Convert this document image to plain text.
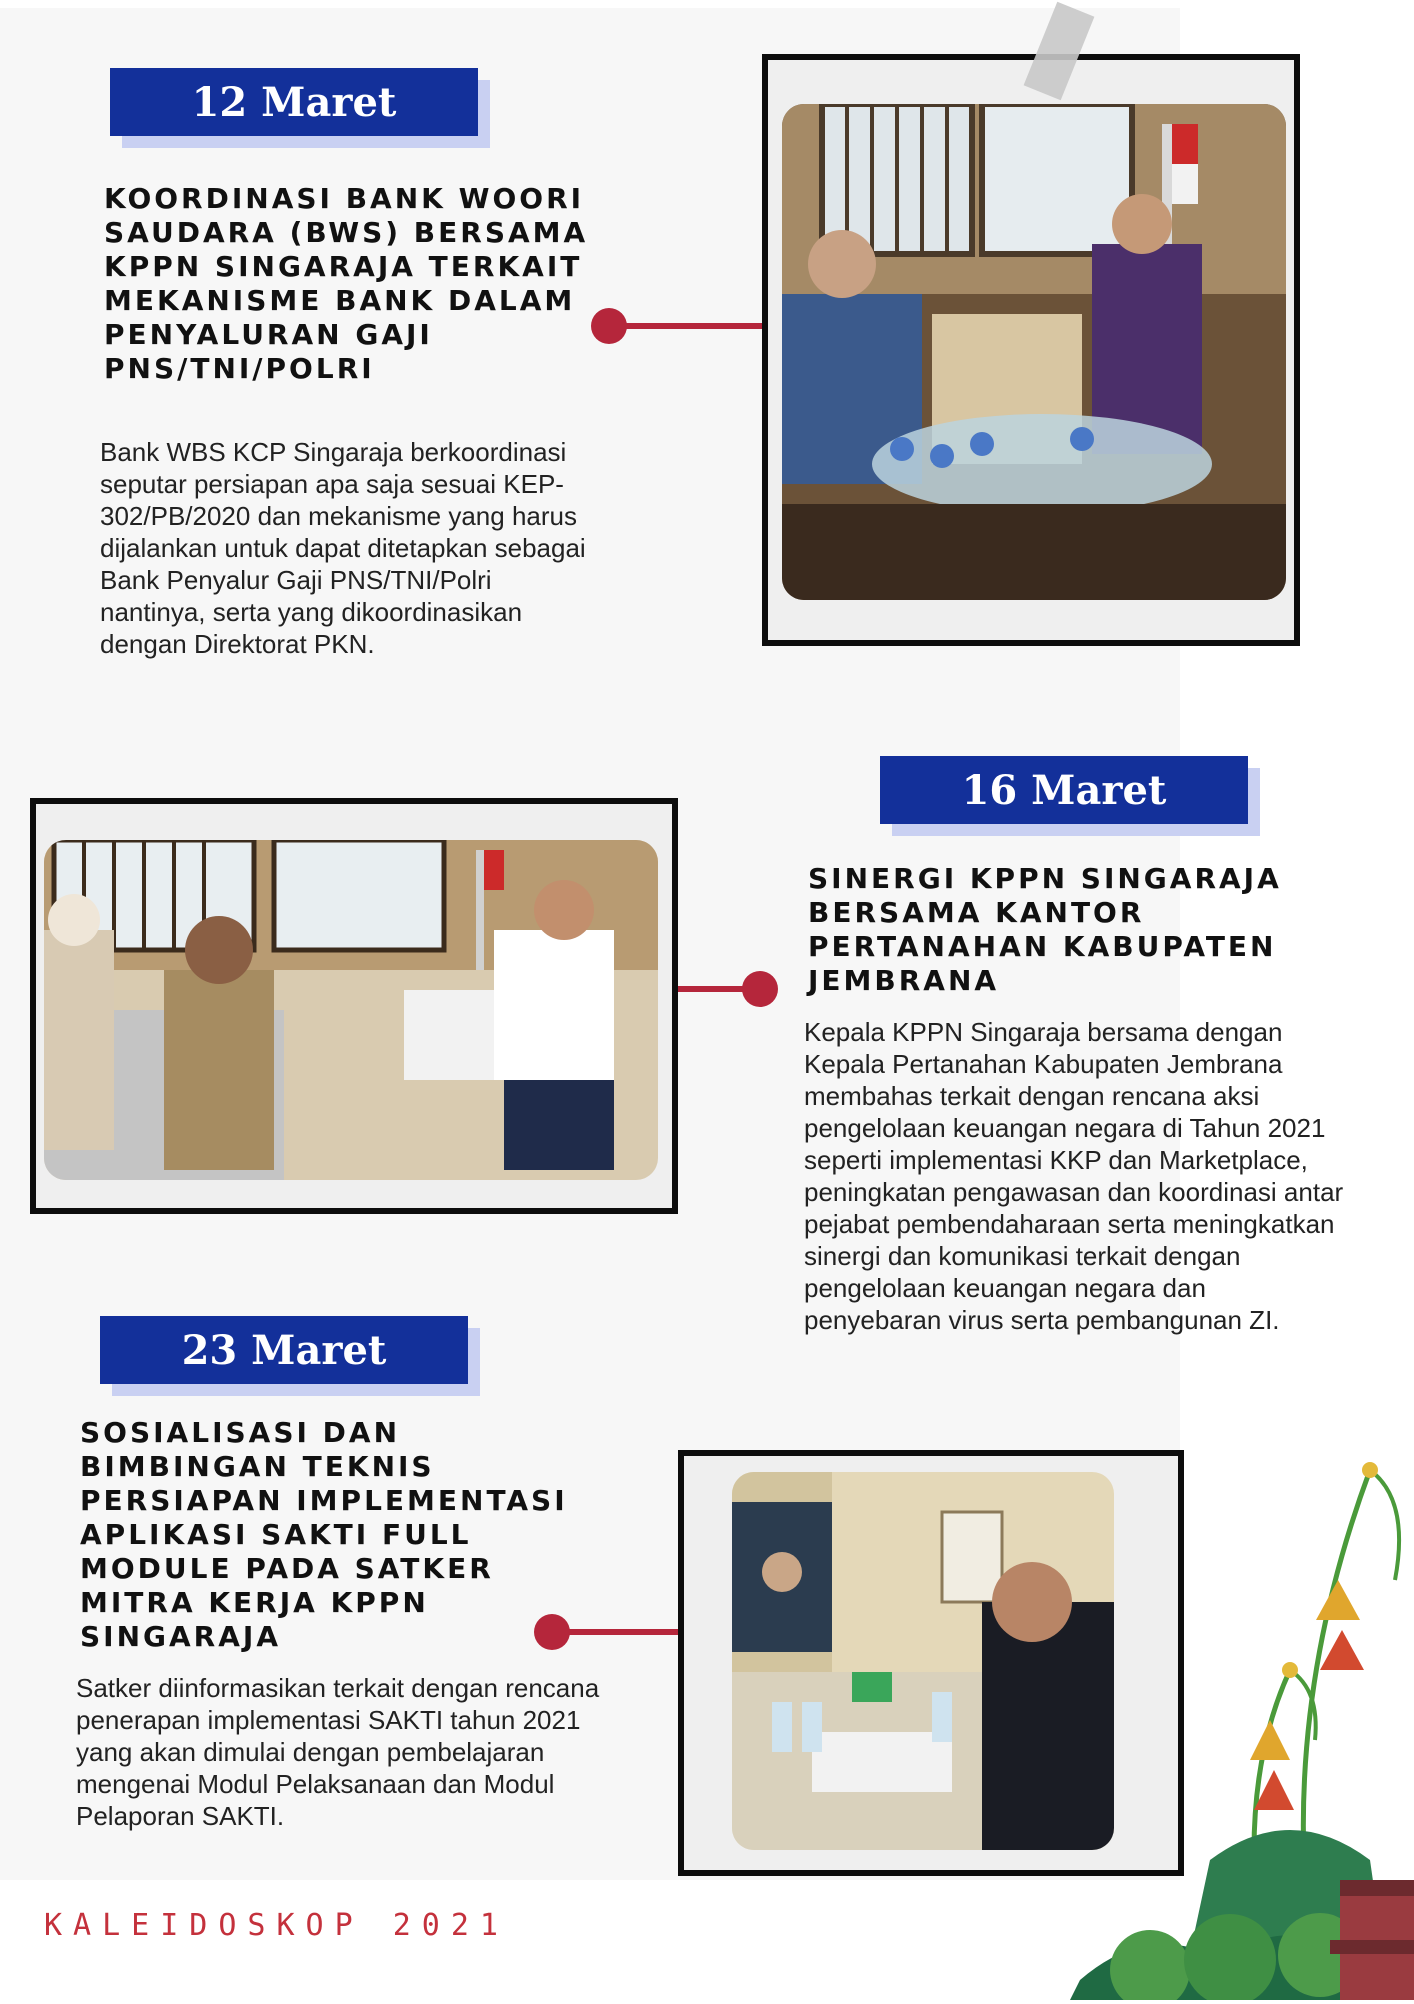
12 Maret

KOORDINASI BANK WOORI SAUDARA (BWS) BERSAMA KPPN SINGARAJA TERKAIT MEKANISME BANK DALAM PENYALURAN GAJI PNS/TNI/POLRI

Bank WBS KCP Singaraja berkoordinasi seputar persiapan apa saja sesuai KEP-302/PB/2020 dan mekanisme yang harus dijalankan untuk dapat ditetapkan sebagai Bank Penyalur Gaji PNS/TNI/Polri nantinya, serta yang dikoordinasikan dengan Direktorat PKN.

16 Maret

SINERGI KPPN SINGARAJA BERSAMA KANTOR PERTANAHAN KABUPATEN JEMBRANA

Kepala KPPN Singaraja bersama dengan Kepala Pertanahan Kabupaten Jembrana membahas terkait dengan rencana aksi pengelolaan keuangan negara di Tahun 2021 seperti implementasi KKP dan Marketplace, peningkatan pengawasan dan koordinasi antar pejabat pembendaharaan serta meningkatkan sinergi dan komunikasi terkait dengan pengelolaan keuangan negara dan penyebaran virus serta pembangunan ZI.

23 Maret

SOSIALISASI DAN BIMBINGAN TEKNIS PERSIAPAN IMPLEMENTASI APLIKASI SAKTI FULL MODULE PADA SATKER MITRA KERJA KPPN SINGARAJA

Satker diinformasikan terkait dengan rencana penerapan implementasi SAKTI tahun 2021 yang akan dimulai dengan pembelajaran mengenai Modul Pelaksanaan dan Modul Pelaporan SAKTI.

KALEIDOSKOP 2021
